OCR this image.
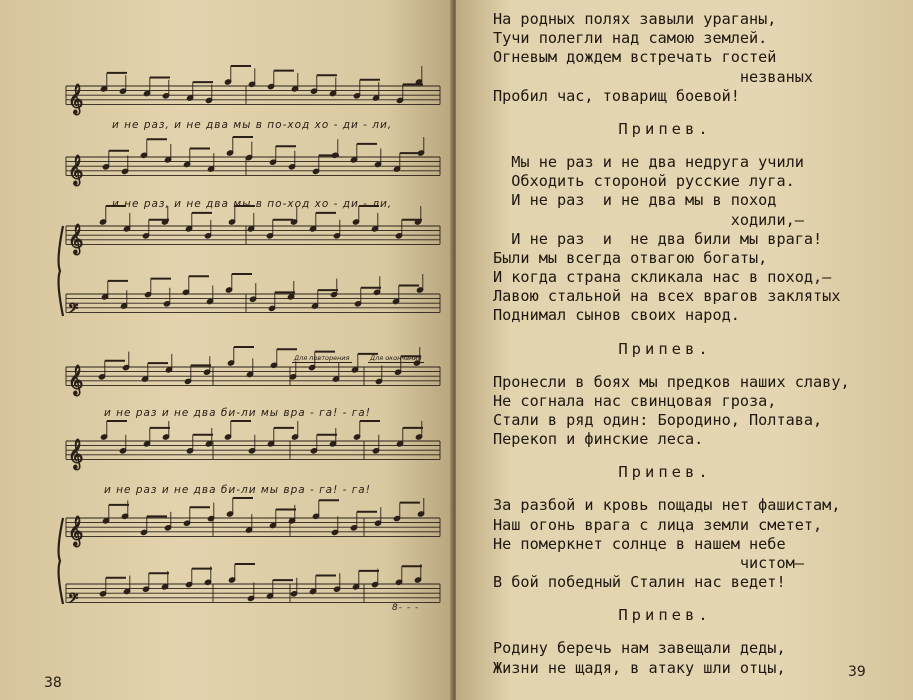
𝄞
𝄞
𝄞
𝄢
𝄞
𝄞
𝄞
𝄢
и не раз, и не два мы в по-ход хо - ди - ли,
и не раз, и не два мы в по-ход хо - ди - ли,
Для повторения	Для окончания
и не раз и не два би-ли мы вра - га! - га!
и не раз и не два би-ли мы вра - га! - га!
8- - -
38
На родных полях завыли ураганы,
Тучи полегли над самою землей.
Огневым дождем встречать гостей
незваных
Пробил час, товарищ боевой!
Припев.
Мы не раз и не два недруга учили
Обходить стороной русские луга.
И не раз  и не два мы в поход
ходили,—
И не раз  и  не два били мы врага!
Были мы всегда отвагою богаты,
И когда страна скликала нас в поход,—
Лавою стальной на всех врагов заклятых
Поднимал сынов своих народ.
Припев.
Пронесли в боях мы предков наших славу,
Не согнала нас свинцовая гроза,
Стали в ряд один: Бородино, Полтава,
Перекоп и финские леса.
Припев.
За разбой и кровь пощады нет фашистам,
Наш огонь врага с лица земли сметет,
Не померкнет солнце в нашем небе
чистом—
В бой победный Сталин нас ведет!
Припев.
Родину беречь нам завещали деды,
Жизни не щадя, в атаку шли отцы,	39
